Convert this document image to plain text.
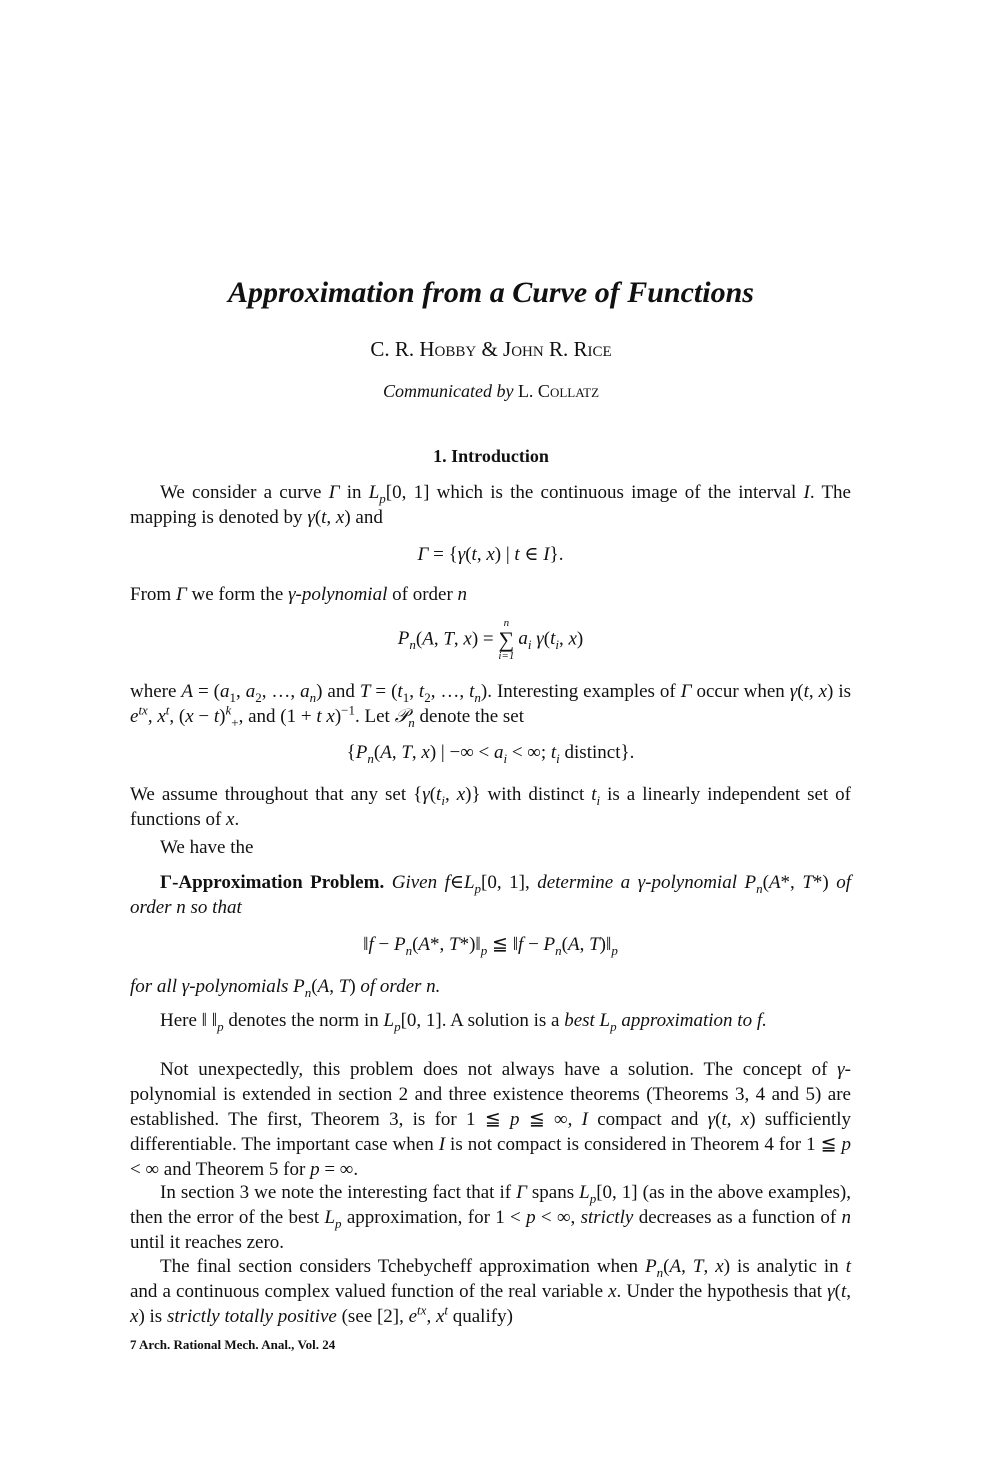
Approximation from a Curve of Functions
C. R. Hobby & John R. Rice
Communicated by L. Collatz
1. Introduction

We consider a curve Γ in $L_p[0$, 1] which is the continuous image of the interval I. The mapping is denoted by γ(t, x) and

Γ = {γ(t, x) | t ∈ I}.

From Γ we form the γ-polynomial of order n

$P_n(A$, T, x) =
n
∑
i=1
$a_i$ $\gamma(t_i$, x)

where $A = (a_1$, $a_2$, …, $a_n$) and $T = (t_1$, $t_2$, …, $t_n$). Interesting examples of Γ occur when γ(t, x) is $e^{tx}$, $x^t$, $(x - t)^k_+$, and (1 + t x)$^{-1}$. Let 𝒫$_n$ denote the set

{$P_n(A$, T, x) | −∞ < $a_i$ < ∞; $t_i$ distinct}.

We assume throughout that any set {$\gamma(t_i$, x)} with distinct $t_i$ is a linearly independent set of functions of x.

We have the

Γ-Approximation Problem. Given $f\in L_p[0$, 1], determine a γ-polynomial $P_n(A*$, T*) of order n so that

‖f − $P_n(A*$, $T*)‖_p$ ≦ ‖f − $P_n(A$, $T)‖_p$

for all γ-polynomials $P_n(A$, T) of order n.

Here ‖ $‖_p$ denotes the norm in $L_p[0$, 1]. A solution is a best $L_p$ approximation to f.

Not unexpectedly, this problem does not always have a solution. The concept of γ-polynomial is extended in section 2 and three existence theorems (Theorems 3, 4 and 5) are established. The first, Theorem 3, is for 1 ≦ p ≦ ∞, I compact and γ(t, x) sufficiently differentiable. The important case when I is not compact is considered in Theorem 4 for 1 ≦ p < ∞ and Theorem 5 for p = ∞.

In section 3 we note the interesting fact that if Γ spans $L_p[0$, 1] (as in the above examples), then the error of the best $L_p$ approximation, for 1 < p < ∞, strictly decreases as a function of n until it reaches zero.

The final section considers Tchebycheff approximation when $P_n(A$, T, x) is analytic in t and a continuous complex valued function of the real variable x. Under the hypothesis that γ(t, x) is strictly totally positive (see [2], $e^{tx}$, $x^t$ qualify)

7 Arch. Rational Mech. Anal., Vol. 24
